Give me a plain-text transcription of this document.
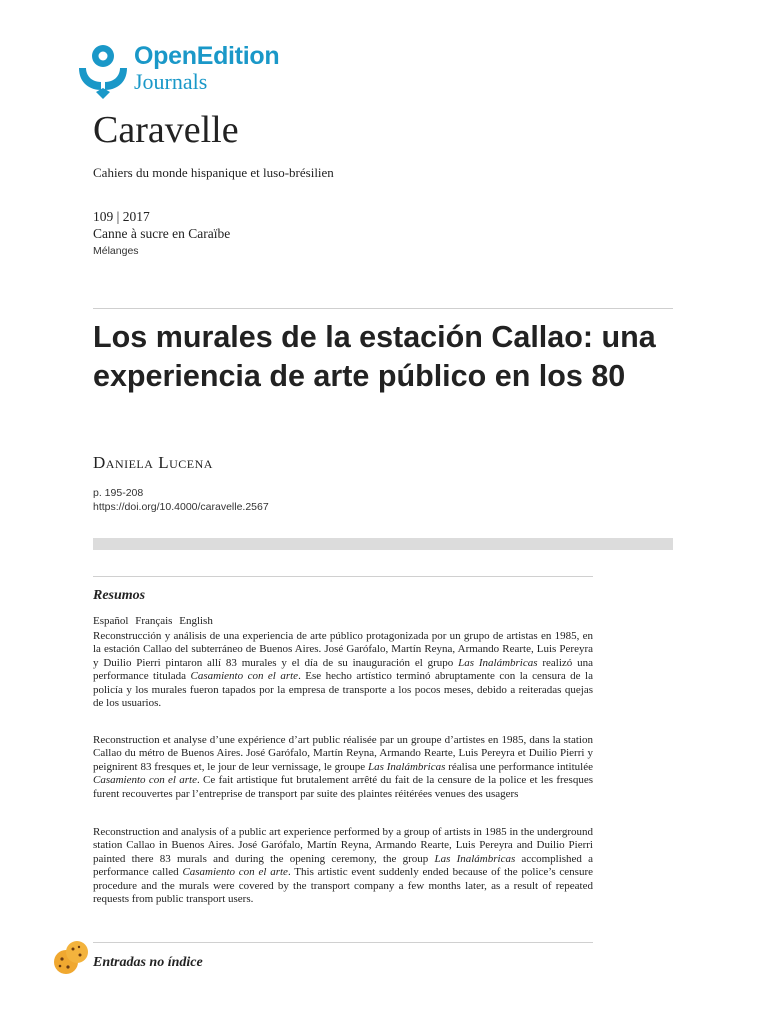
OpenEdition
Journals
Caravelle
Cahiers du monde hispanique et luso-brésilien
109 | 2017
Canne à sucre en Caraïbe
Mélanges
Los murales de la estación Callao: una experiencia de arte público en los 80
Daniela Lucena
p. 195-208
https://doi.org/10.4000/caravelle.2567
Resumos
Español Français English

Reconstrucción y análisis de una experiencia de arte público protagonizada por un grupo de artistas en 1985, en la estación Callao del subterráneo de Buenos Aires. José Garófalo, Martín Reyna, Armando Rearte, Luis Pereyra y Duilio Pierri pintaron allí 83 murales y el día de su inauguración el grupo Las Inalámbricas realizó una performance titulada Casamiento con el arte. Ese hecho artístico terminó abruptamente con la censura de la policía y los murales fueron tapados por la empresa de transporte a los pocos meses, debido a reiteradas quejas de los usuarios.

Reconstruction et analyse d’une expérience d’art public réalisée par un groupe d’artistes en 1985, dans la station Callao du métro de Buenos Aires. José Garófalo, Martín Reyna, Armando Rearte, Luis Pereyra et Duilio Pierri y peignirent 83 fresques et, le jour de leur vernissage, le groupe Las Inalámbricas réalisa une performance intitulée Casamiento con el arte. Ce fait artistique fut brutalement arrêté du fait de la censure de la police et les fresques furent recouvertes par l’entreprise de transport par suite des plaintes réitérées venues des usagers

Reconstruction and analysis of a public art experience performed by a group of artists in 1985 in the underground station Callao in Buenos Aires. José Garófalo, Martín Reyna, Armando Rearte, Luis Pereyra and Duilio Pierri painted there 83 murals and during the opening ceremony, the group Las Inalámbricas accomplished a performance called Casamiento con el arte. This artistic event suddenly ended because of the police’s censure procedure and the murals were covered by the transport company a few months later, as a result of repeated requests from public transport users.

Entradas no índice
